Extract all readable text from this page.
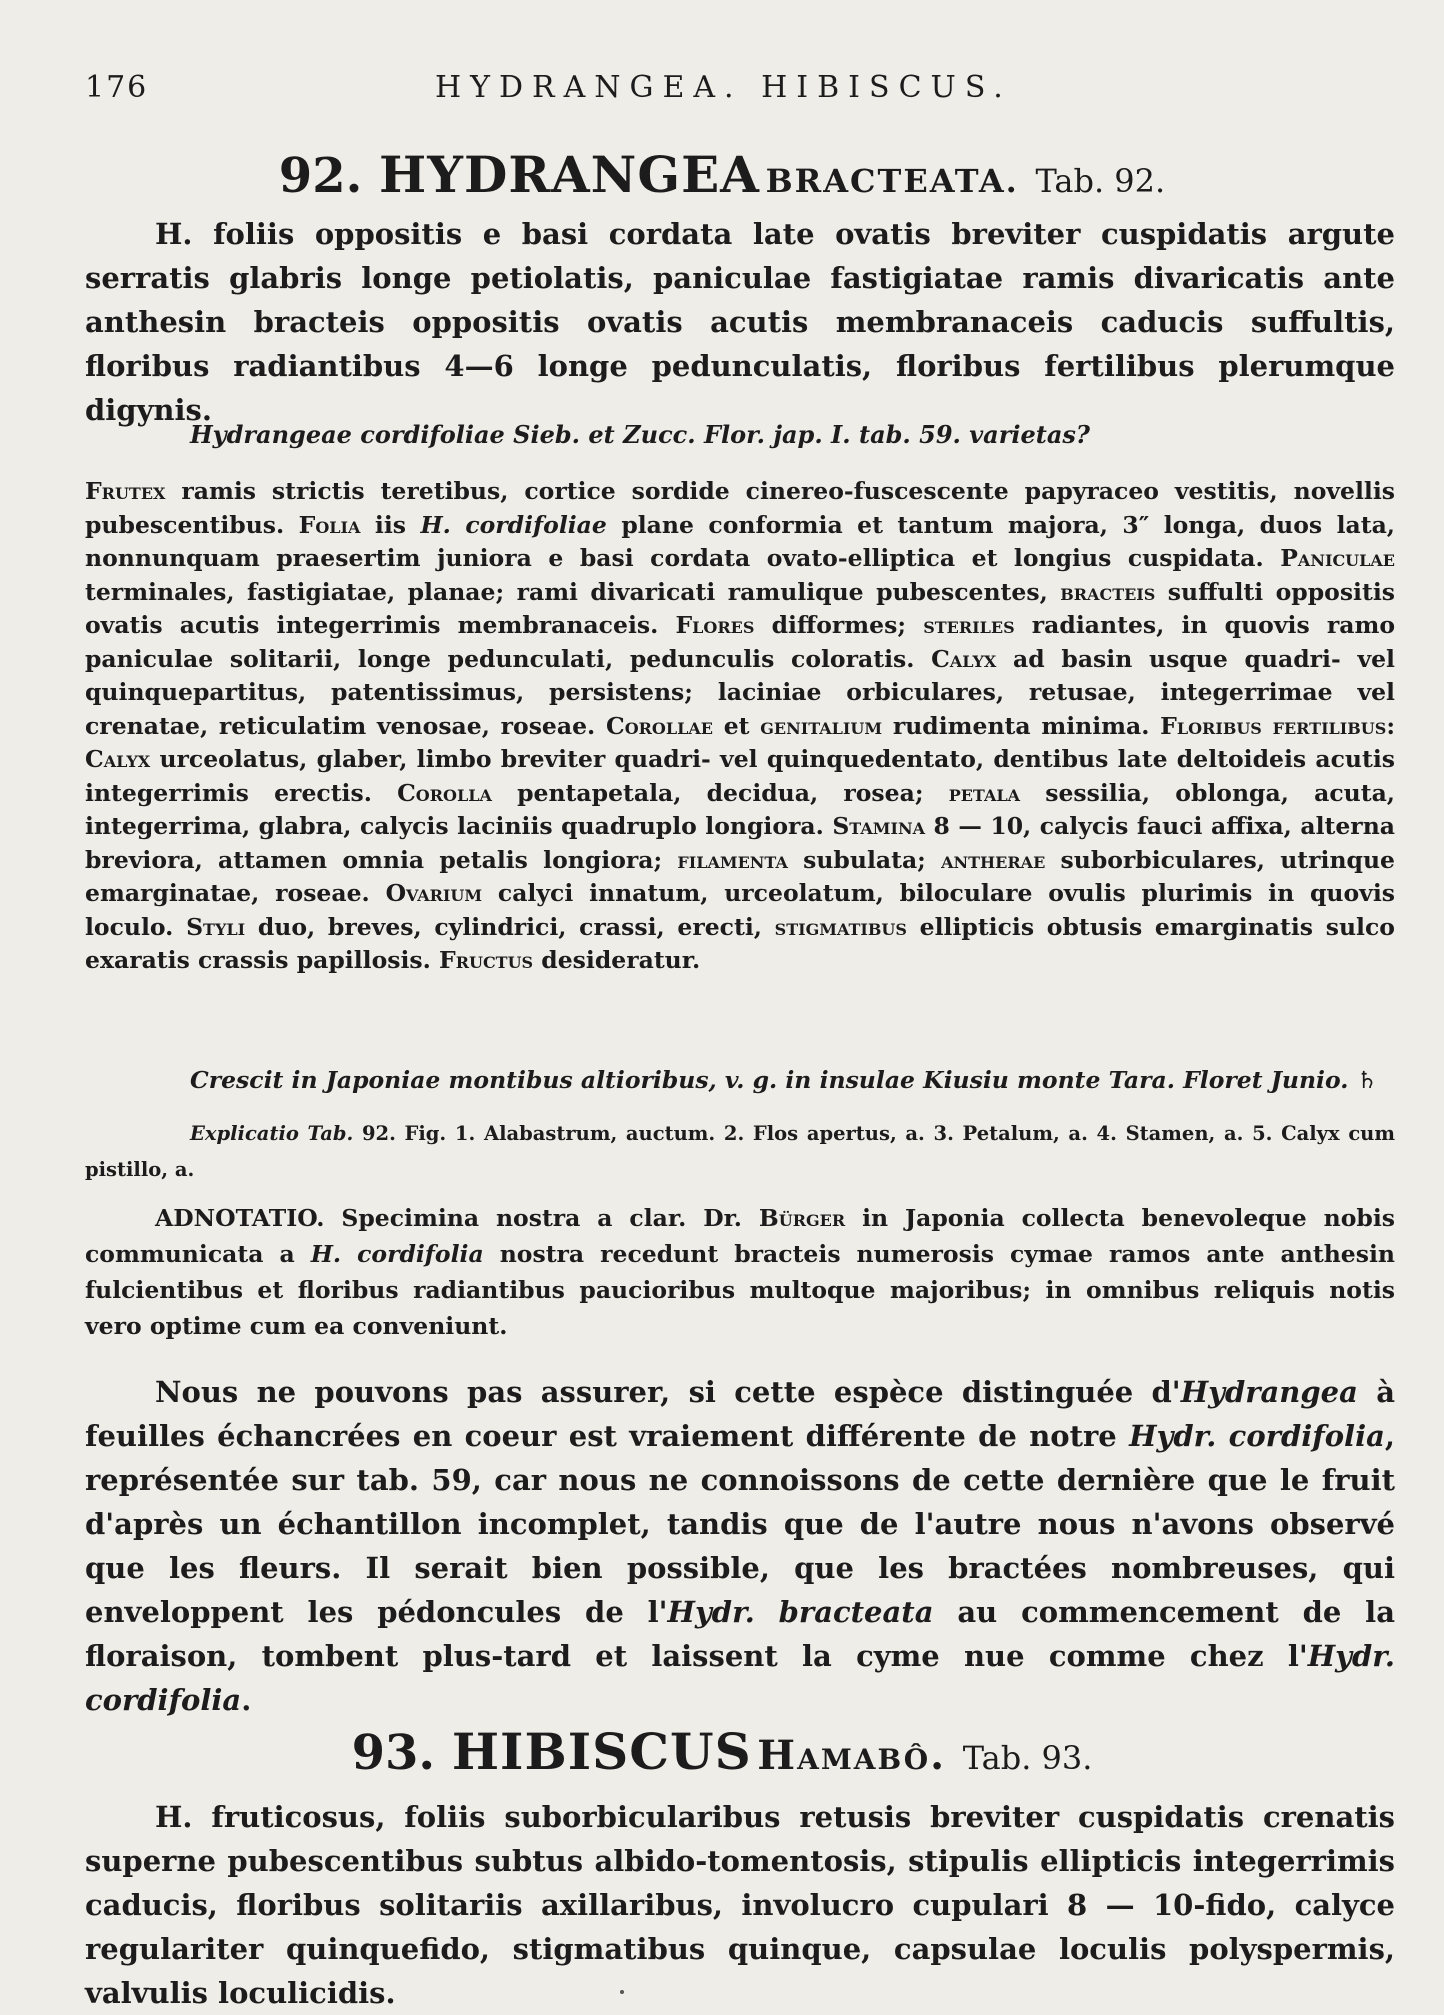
176	HYDRANGEA. HIBISCUS.
92. HYDRANGEA BRACTEATA. Tab. 92.

H. foliis oppositis e basi cordata late ovatis breviter cuspidatis argute serratis glabris longe petiolatis, paniculae fastigiatae ramis divaricatis ante anthesin bracteis oppositis ovatis acutis membranaceis caducis suffultis, floribus radiantibus 4—6 longe pedunculatis, floribus fertilibus plerumque digynis.

Hydrangeae cordifoliae Sieb. et Zucc. Flor. jap. I. tab. 59. varietas?

Frutex ramis strictis teretibus, cortice sordide cinereo-fuscescente papyraceo vestitis, novellis pubescentibus. Folia iis H. cordifoliae plane conformia et tantum majora, 3″ longa, duos lata, nonnunquam praesertim juniora e basi cordata ovato-elliptica et longius cuspidata. Paniculae terminales, fastigiatae, planae; rami divaricati ramulique pubescentes, bracteis suffulti oppositis ovatis acutis integerrimis membranaceis. Flores difformes; steriles radiantes, in quovis ramo paniculae solitarii, longe pedunculati, pedunculis coloratis. Calyx ad basin usque quadri- vel quinquepartitus, patentissimus, persistens; laciniae orbiculares, retusae, integerrimae vel crenatae, reticulatim venosae, roseae. Corollae et genitalium rudimenta minima. Floribus fertilibus: Calyx urceolatus, glaber, limbo breviter quadri- vel quinquedentato, dentibus late deltoideis acutis integerrimis erectis. Corolla pentapetala, decidua, rosea; petala sessilia, oblonga, acuta, integerrima, glabra, calycis laciniis quadruplo longiora. Stamina 8 — 10, calycis fauci affixa, alterna breviora, attamen omnia petalis longiora; filamenta subulata; antherae suborbiculares, utrinque emarginatae, roseae. Ovarium calyci innatum, urceolatum, biloculare ovulis plurimis in quovis loculo. Styli duo, breves, cylindrici, crassi, erecti, stigmatibus ellipticis obtusis emarginatis sulco exaratis crassis papillosis. Fructus desideratur.

Crescit in Japoniae montibus altioribus, v. g. in insulae Kiusiu monte Tara. Floret Junio. ♄

Explicatio Tab. 92. Fig. 1. Alabastrum, auctum. 2. Flos apertus, a. 3. Petalum, a. 4. Stamen, a. 5. Calyx cum pistillo, a.

ADNOTATIO. Specimina nostra a clar. Dr. Bürger in Japonia collecta benevoleque nobis communicata a H. cordifolia nostra recedunt bracteis numerosis cymae ramos ante anthesin fulcientibus et floribus radiantibus paucioribus multoque majoribus; in omnibus reliquis notis vero optime cum ea conveniunt.

Nous ne pouvons pas assurer, si cette espèce distinguée d'Hydrangea à feuilles échancrées en coeur est vraiement différente de notre Hydr. cordifolia, représentée sur tab. 59, car nous ne connoissons de cette dernière que le fruit d'après un échantillon incomplet, tandis que de l'autre nous n'avons observé que les fleurs. Il serait bien possible, que les bractées nombreuses, qui enveloppent les pédoncules de l'Hydr. bracteata au commencement de la floraison, tombent plus-tard et laissent la cyme nue comme chez l'Hydr. cordifolia.

93. HIBISCUS Hamabô. Tab. 93.

H. fruticosus, foliis suborbicularibus retusis breviter cuspidatis crenatis superne pubescentibus subtus albido-tomentosis, stipulis ellipticis integerrimis caducis, floribus solitariis axillaribus, involucro cupulari 8 — 10-fido, calyce regulariter quinquefido, stigmatibus quinque, capsulae loculis polyspermis, valvulis loculicidis.
